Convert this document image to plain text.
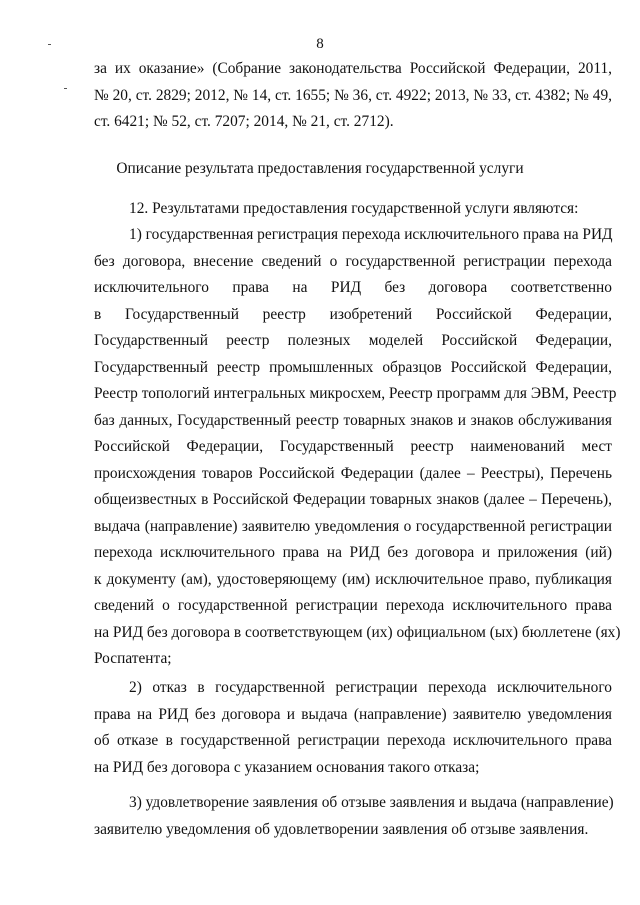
8
за их оказание» (Собрание законодательства Российской Федерации, 2011,
№ 20, ст. 2829; 2012, № 14, ст. 1655; № 36, ст. 4922; 2013, № 33, ст. 4382; № 49,
ст. 6421; № 52, ст. 7207; 2014, № 21, ст. 2712).
Описание результата предоставления государственной услуги
12. Результатами предоставления государственной услуги являются:
1) государственная регистрация перехода исключительного права на РИД
без договора, внесение сведений о государственной регистрации перехода
исключительного права на РИД без договора соответственно
в Государственный реестр изобретений Российской Федерации,
Государственный реестр полезных моделей Российской Федерации,
Государственный реестр промышленных образцов Российской Федерации,
Реестр топологий интегральных микросхем, Реестр программ для ЭВМ, Реестр
баз данных, Государственный реестр товарных знаков и знаков обслуживания
Российской Федерации, Государственный реестр наименований мест
происхождения товаров Российской Федерации (далее – Реестры), Перечень
общеизвестных в Российской Федерации товарных знаков (далее – Перечень),
выдача (направление) заявителю уведомления о государственной регистрации
перехода исключительного права на РИД без договора и приложения (ий)
к документу (ам), удостоверяющему (им) исключительное право, публикация
сведений о государственной регистрации перехода исключительного права
на РИД без договора в соответствующем (их) официальном (ых) бюллетене (ях)
Роспатента;
2) отказ в государственной регистрации перехода исключительного
права на РИД без договора и выдача (направление) заявителю уведомления
об отказе в государственной регистрации перехода исключительного права
на РИД без договора с указанием основания такого отказа;
3) удовлетворение заявления об отзыве заявления и выдача (направление)
заявителю уведомления об удовлетворении заявления об отзыве заявления.
